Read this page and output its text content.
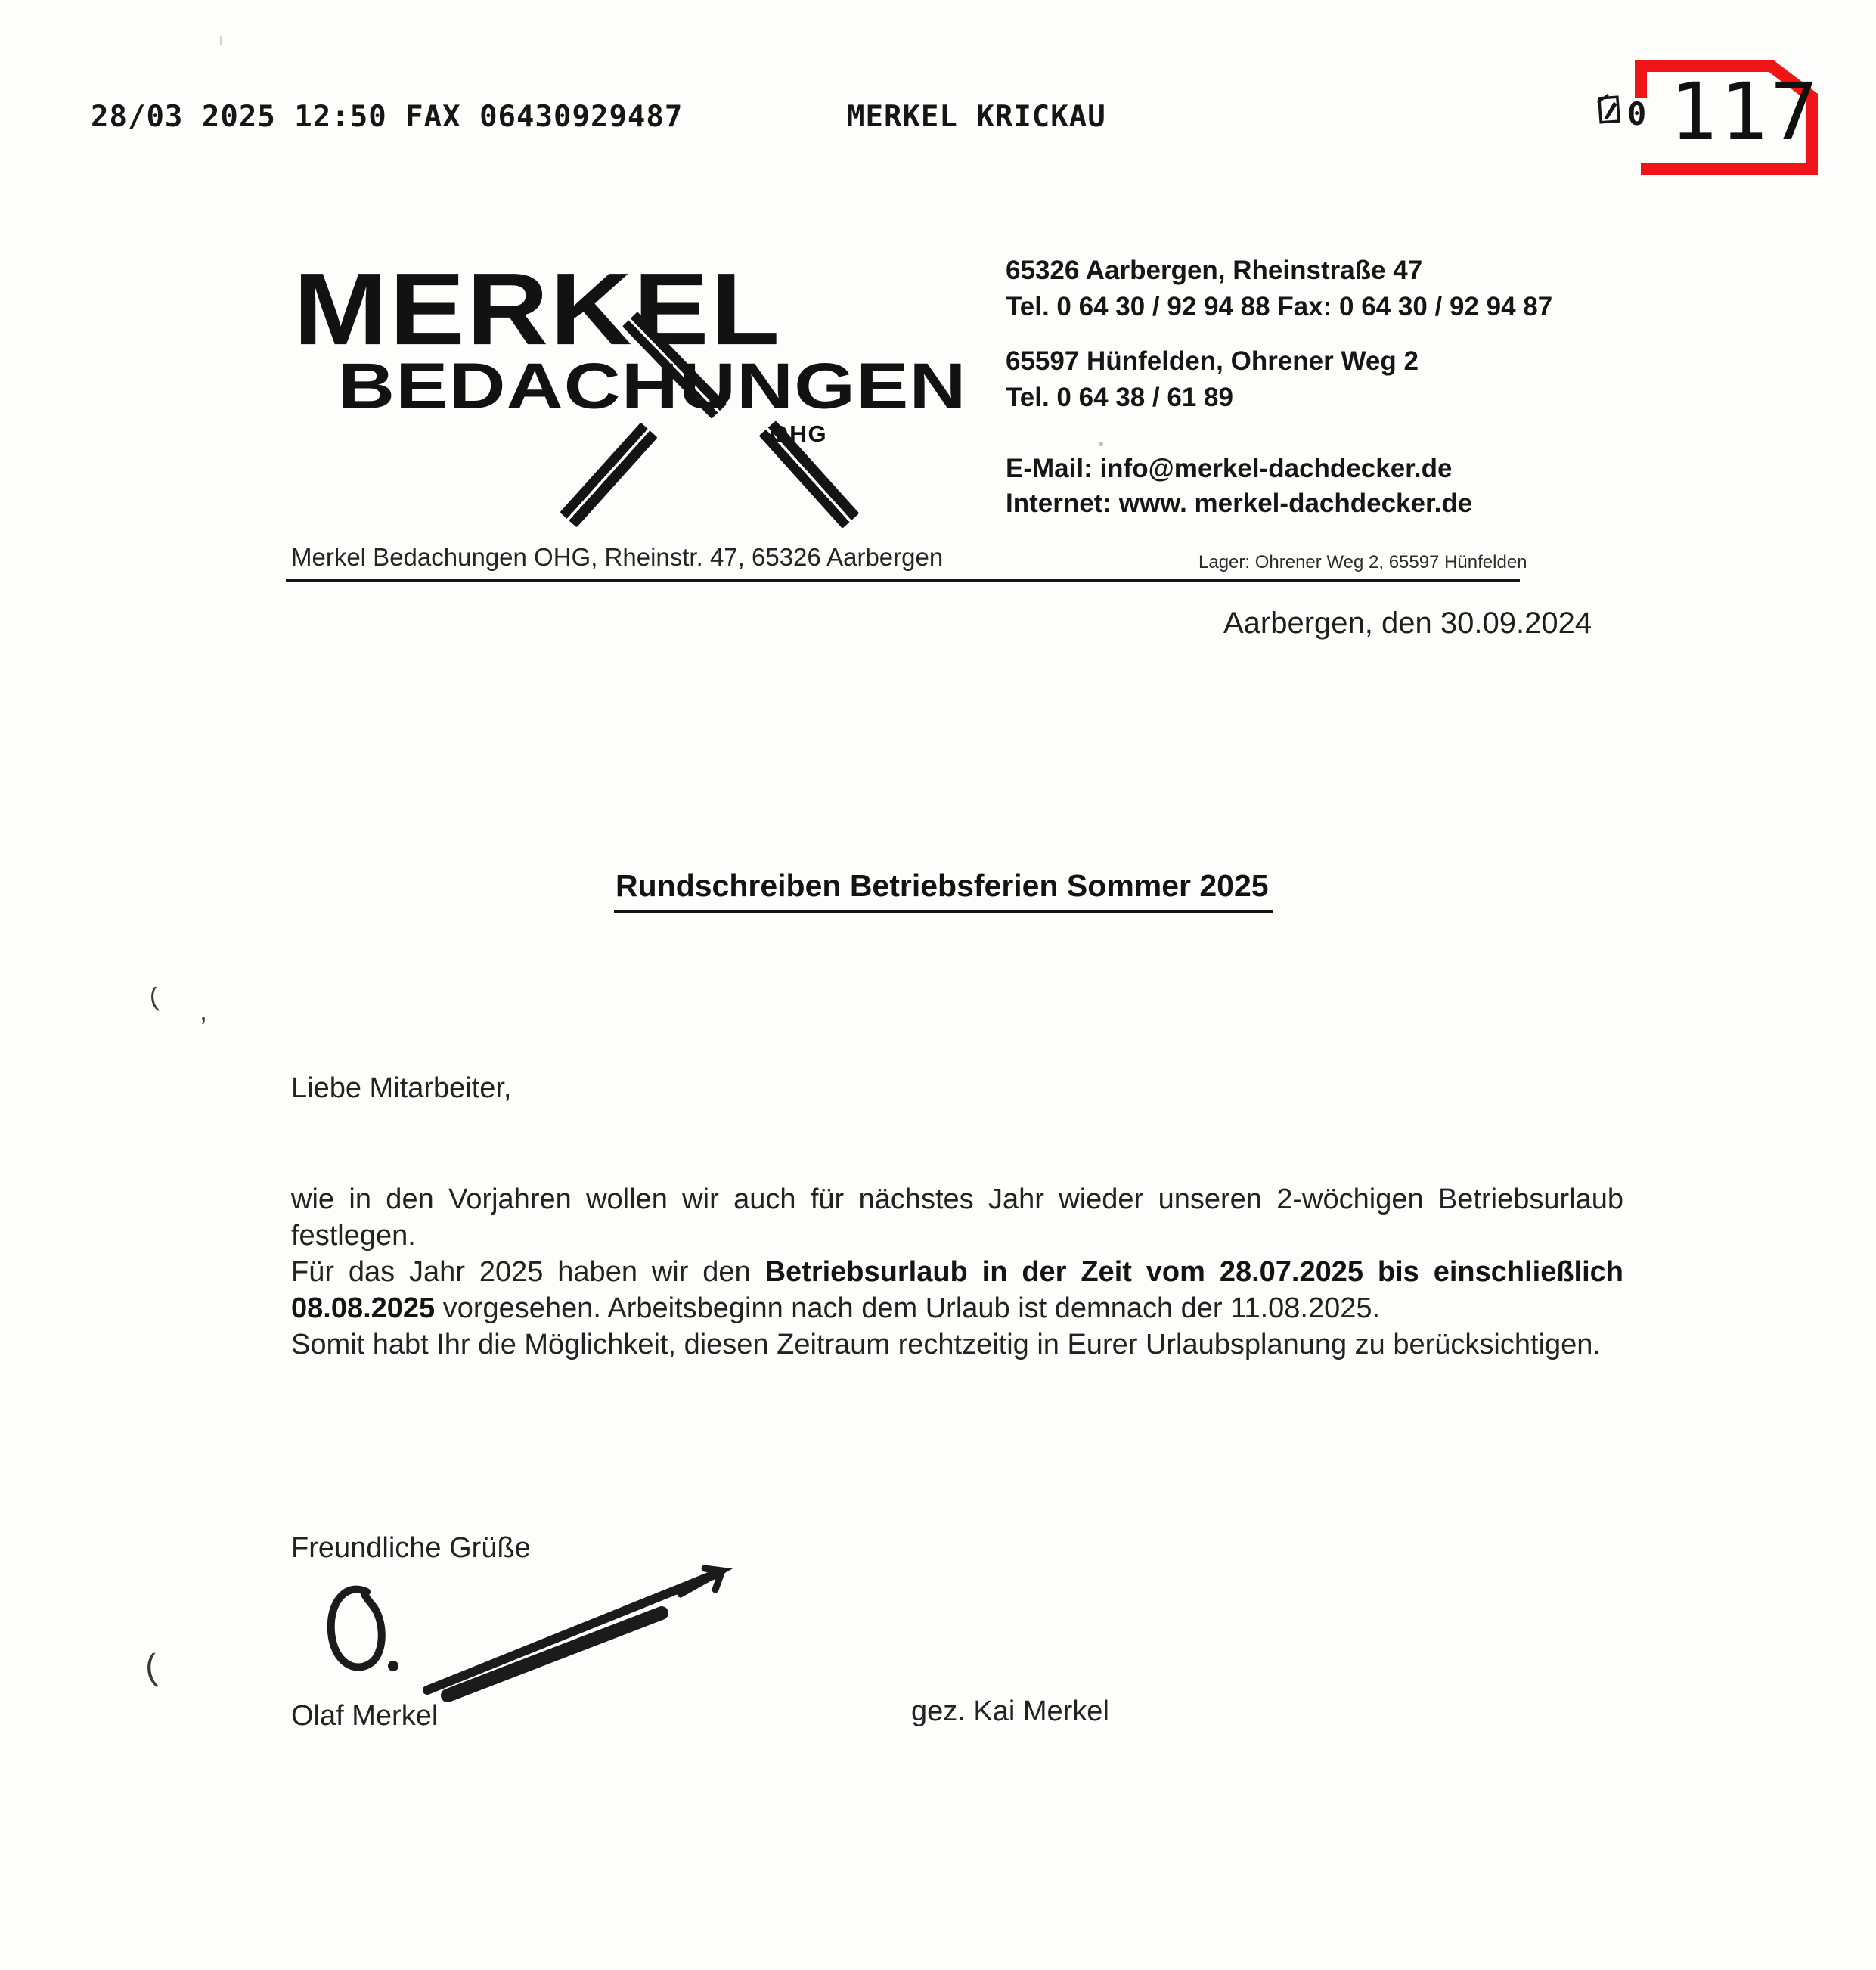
28/03 2025 12:50 FAX 06430929487	MERKEL KRICKAU	0 117
MERKEL
BEDACHUNGEN
OHG
65326 Aarbergen, Rheinstraße 47
Tel. 0 64 30 / 92 94 88 Fax: 0 64 30 / 92 94 87
65597 Hünfelden, Ohrener Weg 2
Tel. 0 64 38 / 61 89
E-Mail: info@merkel-dachdecker.de
Internet: www. merkel-dachdecker.de
Merkel Bedachungen OHG, Rheinstr. 47, 65326 Aarbergen	Lager: Ohrener Weg 2, 65597 Hünfelden
Aarbergen, den 30.09.2024
Rundschreiben Betriebsferien Sommer 2025
( ,
(
Liebe Mitarbeiter,

wie in den Vorjahren wollen wir auch für nächstes Jahr wieder unseren 2-wöchigen Betriebsurlaub festlegen.

Für das Jahr 2025 haben wir den Betriebsurlaub in der Zeit vom 28.07.2025 bis einschließlich 08.08.2025 vorgesehen. Arbeitsbeginn nach dem Urlaub ist demnach der 11.08.2025.

Somit habt Ihr die Möglichkeit, diesen Zeitraum rechtzeitig in Eurer Urlaubsplanung zu berücksichtigen.

Freundliche Grüße
Olaf Merkel	gez. Kai Merkel
